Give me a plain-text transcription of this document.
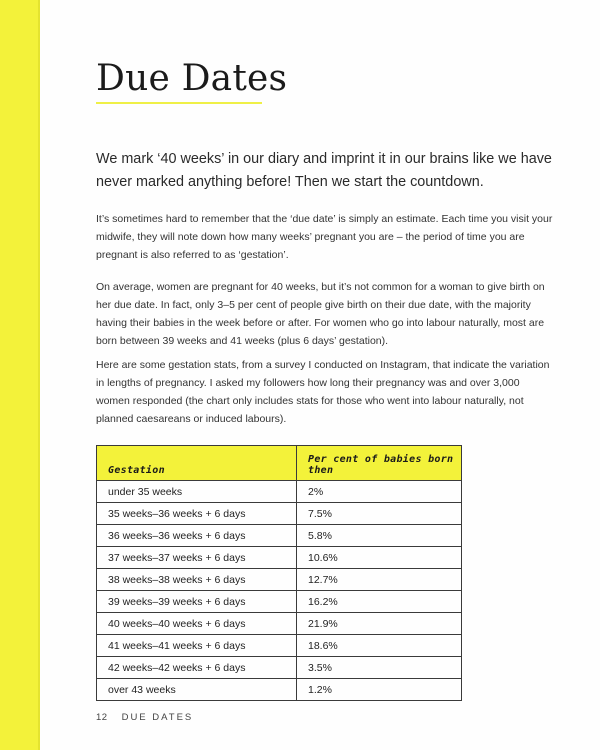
Due Dates

We mark ‘40 weeks’ in our diary and imprint it in our brains like we have never marked anything before! Then we start the countdown.

It’s sometimes hard to remember that the ‘due date’ is simply an estimate. Each time you visit your midwife, they will note down how many weeks’ pregnant you are – the period of time you are pregnant is also referred to as ‘gestation’.

On average, women are pregnant for 40 weeks, but it’s not common for a woman to give birth on her due date. In fact, only 3–5 per cent of people give birth on their due date, with the majority having their babies in the week before or after. For women who go into labour naturally, most are born between 39 weeks and 41 weeks (plus 6 days’ gestation).

Here are some gestation stats, from a survey I conducted on Instagram, that indicate the variation in lengths of pregnancy. I asked my followers how long their pregnancy was and over 3,000 women responded (the chart only includes stats for those who went into labour naturally, not planned caesareans or induced labours).

Gestation	Per cent of babies born then
under 35 weeks	2%
35 weeks–36 weeks + 6 days	7.5%
36 weeks–36 weeks + 6 days	5.8%
37 weeks–37 weeks + 6 days	10.6%
38 weeks–38 weeks + 6 days	12.7%
39 weeks–39 weeks + 6 days	16.2%
40 weeks–40 weeks + 6 days	21.9%
41 weeks–41 weeks + 6 days	18.6%
42 weeks–42 weeks + 6 days	3.5%
over 43 weeks	1.2%

12 DUE DATES
